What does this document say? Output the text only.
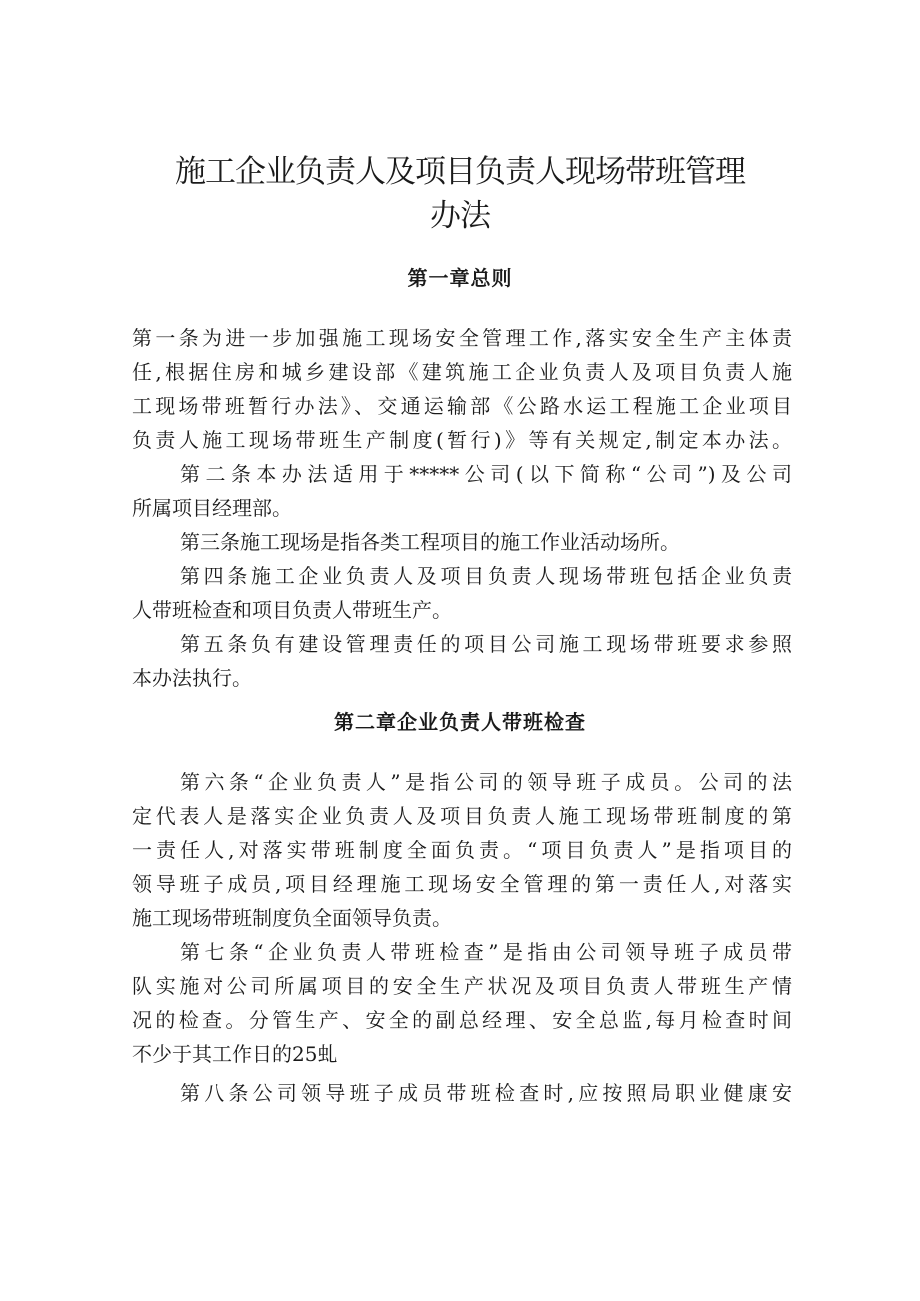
施工企业负责人及项目负责人现场带班管理
办法
第一章总则
第一条为进一步加强施工现场安全管理工作,落实安全生产主体责
任,根据住房和城乡建设部《建筑施工企业负责人及项目负责人施
工现场带班暂行办法》、交通运输部《公路水运工程施工企业项目
负责人施工现场带班生产制度(暂行)》等有关规定,制定本办法。
第二条本办法适用于*****公司(以下简称“公司”)及公司
所属项目经理部。
第三条施工现场是指各类工程项目的施工作业活动场所。
第四条施工企业负责人及项目负责人现场带班包括企业负责
人带班检查和项目负责人带班生产。
第五条负有建设管理责任的项目公司施工现场带班要求参照
本办法执行。
第二章企业负责人带班检查
第六条“企业负责人”是指公司的领导班子成员。公司的法
定代表人是落实企业负责人及项目负责人施工现场带班制度的第
一责任人,对落实带班制度全面负责。“项目负责人”是指项目的
领导班子成员,项目经理施工现场安全管理的第一责任人,对落实
施工现场带班制度负全面领导负责。
第七条“企业负责人带班检查”是指由公司领导班子成员带
队实施对公司所属项目的安全生产状况及项目负责人带班生产情
况的检查。分管生产、安全的副总经理、安全总监,每月检查时间
不少于其工作日的25虬
第八条公司领导班子成员带班检查时,应按照局职业健康安
